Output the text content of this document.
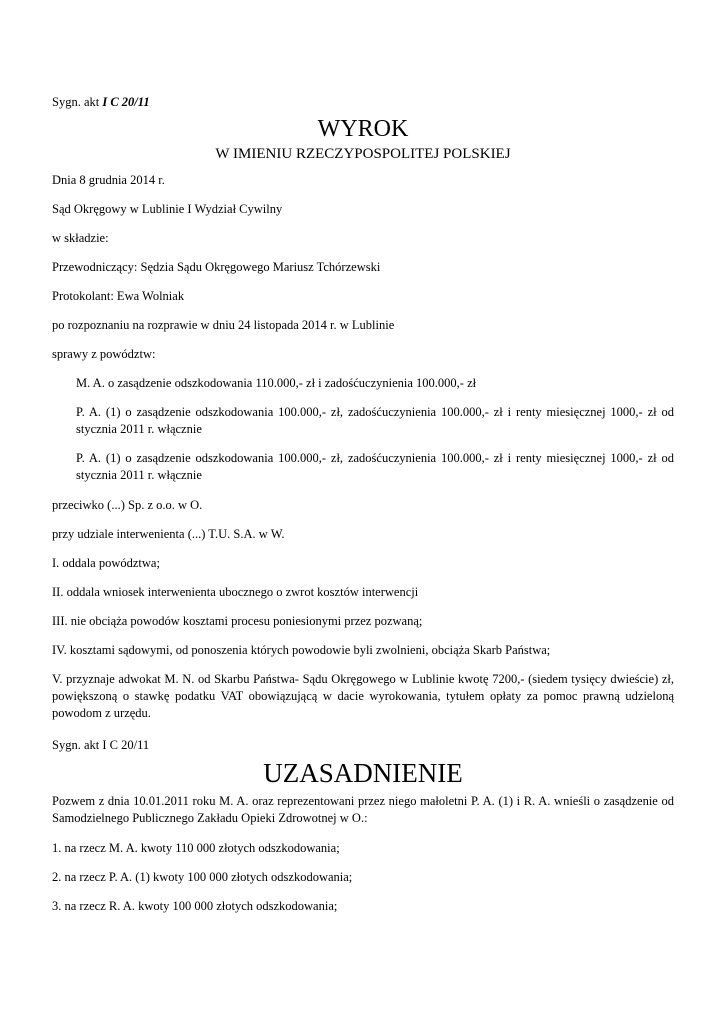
Sygn. akt I C 20/11

WYROK

W IMIENIU RZECZYPOSPOLITEJ POLSKIEJ

Dnia 8 grudnia 2014 r.

Sąd Okręgowy w Lublinie I Wydział Cywilny

w składzie:

Przewodniczący: Sędzia Sądu Okręgowego Mariusz Tchórzewski

Protokolant: Ewa Wolniak

po rozpoznaniu na rozprawie w dniu 24 listopada 2014 r. w Lublinie

sprawy z powództw:

M. A. o zasądzenie odszkodowania 110.000,- zł i zadośćuczynienia 100.000,- zł

P. A. (1) o zasądzenie odszkodowania 100.000,- zł, zadośćuczynienia 100.000,- zł i renty miesięcznej 1000,- zł od stycznia 2011 r. włącznie

P. A. (1) o zasądzenie odszkodowania 100.000,- zł, zadośćuczynienia 100.000,- zł i renty miesięcznej 1000,- zł od stycznia 2011 r. włącznie

przeciwko (...) Sp. z o.o. w O.

przy udziale interwenienta (...) T.U. S.A. w W.

I. oddala powództwa;

II. oddala wniosek interwenienta ubocznego o zwrot kosztów interwencji

III. nie obciąża powodów kosztami procesu poniesionymi przez pozwaną;

IV. kosztami sądowymi, od ponoszenia których powodowie byli zwolnieni, obciąża Skarb Państwa;

V. przyznaje adwokat M. N. od Skarbu Państwa- Sądu Okręgowego w Lublinie kwotę 7200,- (siedem tysięcy dwieście) zł, powiększoną o stawkę podatku VAT obowiązującą w dacie wyrokowania, tytułem opłaty za pomoc prawną udzieloną powodom z urzędu.

Sygn. akt I C 20/11

UZASADNIENIE

Pozwem z dnia 10.01.2011 roku M. A. oraz reprezentowani przez niego małoletni P. A. (1) i R. A. wnieśli o zasądzenie od Samodzielnego Publicznego Zakładu Opieki Zdrowotnej w O.:

1. na rzecz M. A. kwoty 110 000 złotych odszkodowania;

2. na rzecz P. A. (1) kwoty 100 000 złotych odszkodowania;

3. na rzecz R. A. kwoty 100 000 złotych odszkodowania;
